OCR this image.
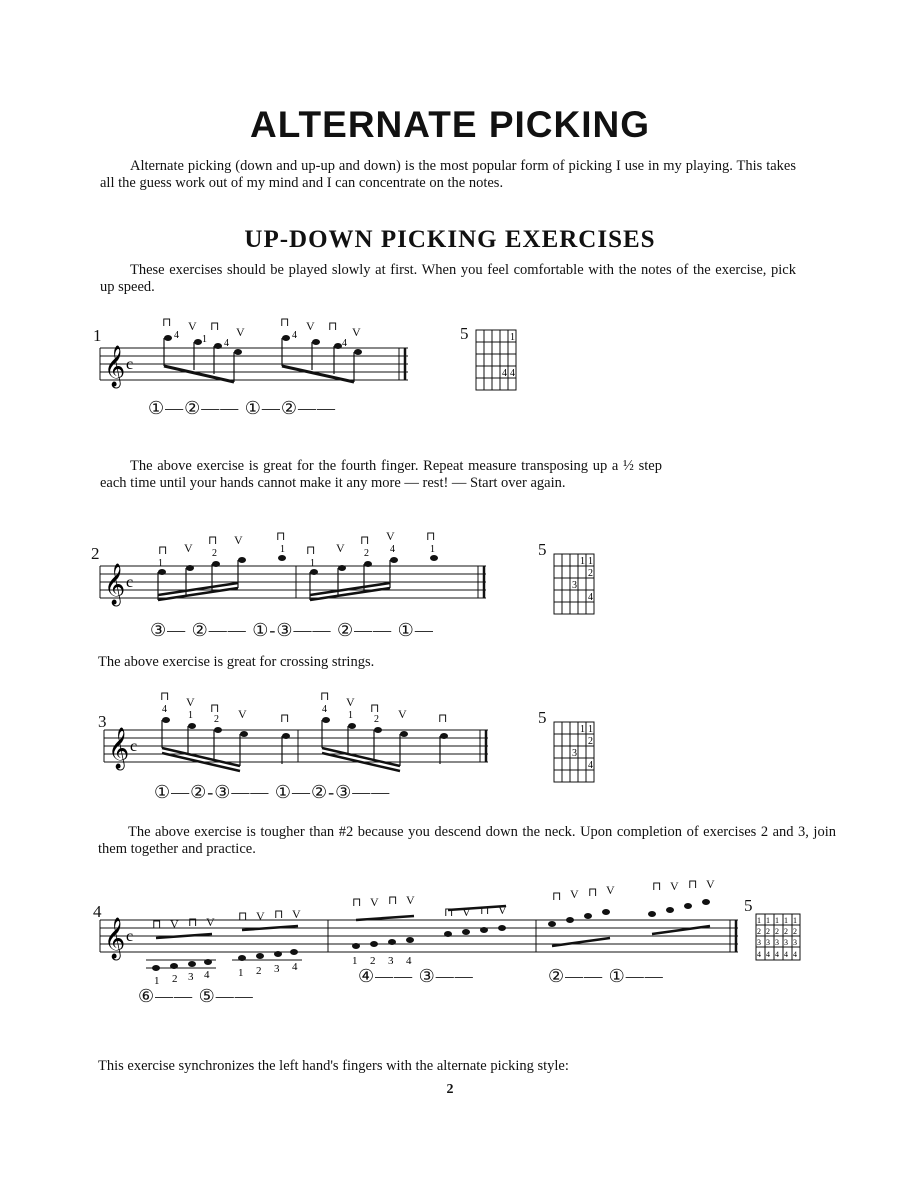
ALTERNATE PICKING
Alternate picking (down and up-up and down) is the most popular form of picking I use in my playing. This takes all the guess work out of my mind and I can concentrate on the notes.
UP-DOWN PICKING EXERCISES
These exercises should be played slowly at first. When you feel comfortable with the notes of the exercise, pick up speed.
1
𝄞 c
4 1 4
4
4
⊓ V ⊓ V
⊓ V ⊓ V
①—②—— ①—②——
5	1
4 4
The above exercise is great for the fourth finger. Repeat measure transposing up a ½ step each time until your hands cannot make it any more — rest! — Start over again.
2
𝄞 c
1
2	1
1
2 4	1
⊓ V
⊓ V	⊓
⊓ V
⊓ V	⊓
③— ②—— ①-③—— ②—— ①—
5
1 1
2
3
4
The above exercise is great for crossing strings.
3
𝄞 c
4
1 2
4
1 2
⊓ V ⊓ V	⊓
⊓ V ⊓ V	⊓
①—②-③—— ①—②-③——
5
1 1
2
3
4
The above exercise is tougher than #2 because you descend down the neck. Upon completion of exercises 2 and 3, join them together and practice.
4
𝄞 c
1 2 3 4	1 2 3 4	1 2 3 4
⊓ V ⊓ V ⊓ V ⊓ V
⊓ V ⊓ V
⊓ V ⊓ V
⊓ V ⊓ V	⊓ V ⊓ V
⑥—— ⑤——
④—— ③——	②—— ①——
5
1 1 1 1 1
2 2 2 2 2
3 3 3 3 3
4 4 4 4 4
This exercise synchronizes the left hand's fingers with the alternate picking style:
2
